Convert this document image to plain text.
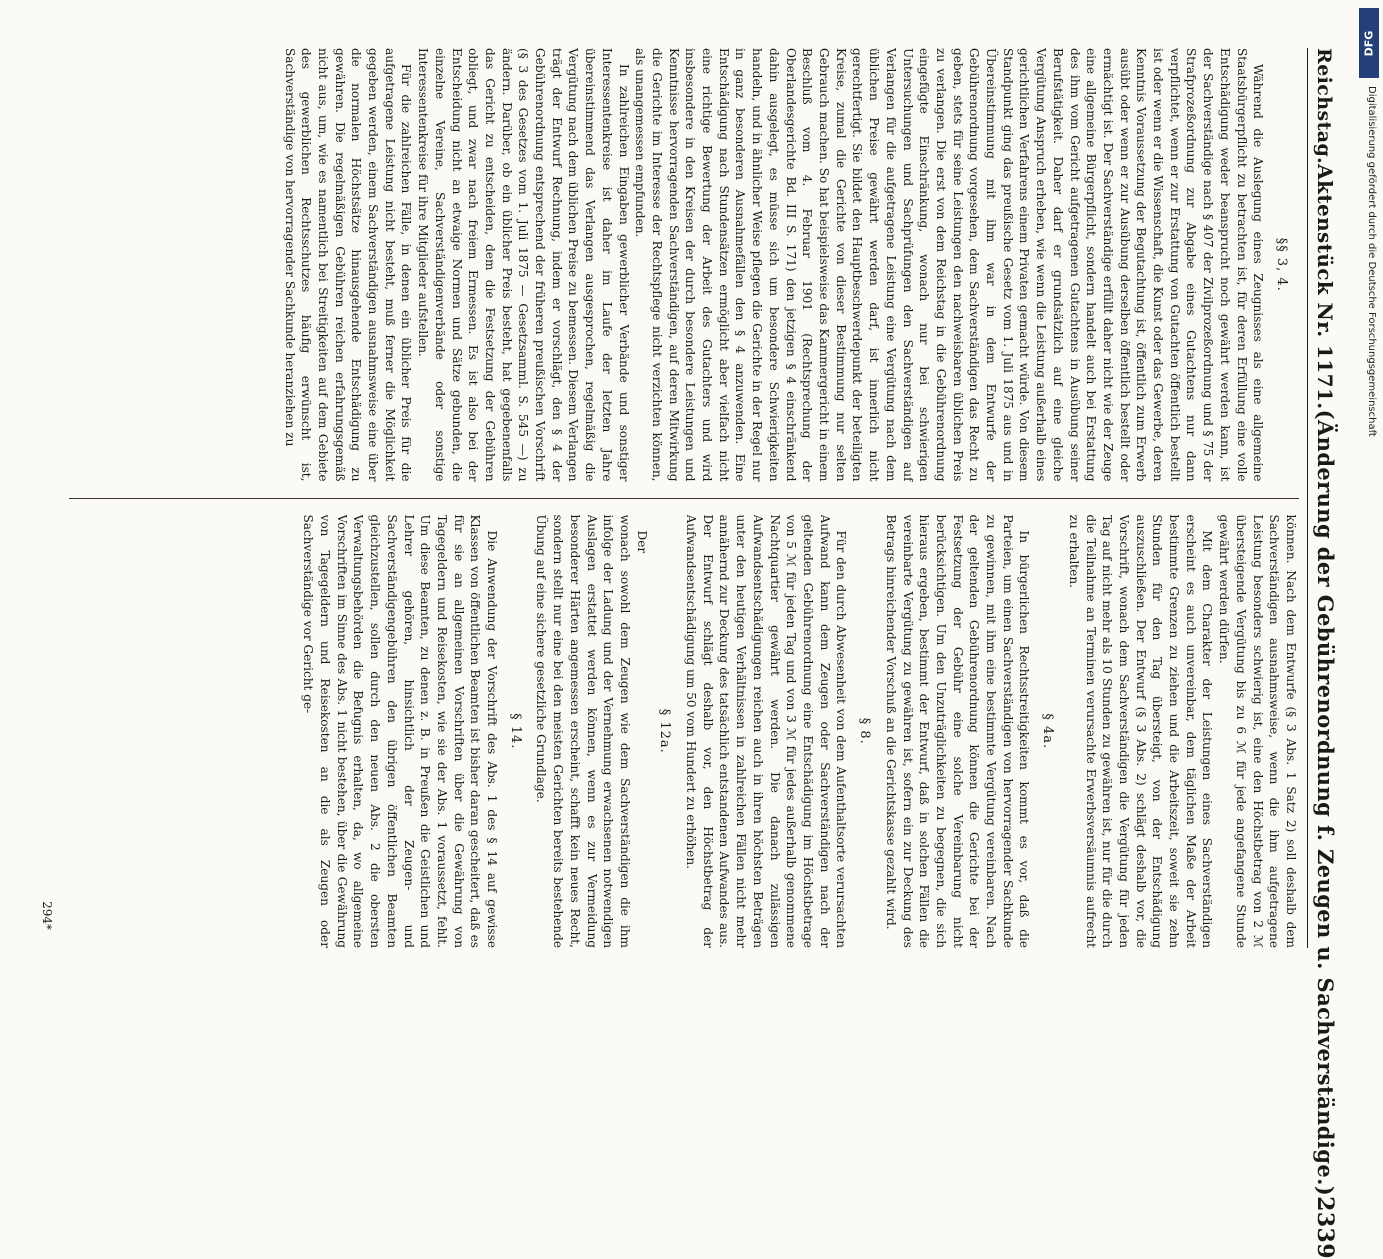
Reichstag.
Aktenstück Nr. 1171.
(Änderung der Gebührenordnung f. Zeugen u. Sachverständige.)
2339
§§ 3, 4.

Während die Auslegung eines Zeugnisses als eine allgemeine Staatsbürgerpflicht zu betrachten ist, für deren Erfüllung eine volle Entschädigung weder beansprucht noch gewährt werden kann, ist der Sachverständige nach § 407 der Zivilprozeßordnung und § 75 der Strafprozeßordnung zur Abgabe eines Gutachtens nur dann verpflichtet, wenn er zur Erstattung von Gutachten öffentlich bestellt ist oder wenn er die Wissenschaft, die Kunst oder das Gewerbe, deren Kenntnis Voraussetzung der Begutachtung ist, öffentlich zum Erwerb ausübt oder wenn er zur Ausübung derselben öffentlich bestellt oder ermächtigt ist. Der Sachverständige erfüllt daher nicht wie der Zeuge eine allgemeine Bürgerpflicht, sondern handelt auch bei Erstattung des ihm vom Gericht aufgetragenen Gutachtens in Ausübung seiner Berufstätigkeit. Daher darf er grundsätzlich auf eine gleiche Vergütung Anspruch erheben, wie wenn die Leistung außerhalb eines gerichtlichen Verfahrens einem Privaten gemacht würde. Von diesem Standpunkt ging das preußische Gesetz vom 1. Juli 1875 aus und in Übereinstimmung mit ihm war in dem Entwurfe der Gebührenordnung vorgesehen, dem Sachverständigen das Recht zu geben, stets für seine Leistungen den nachweisbaren üblichen Preis zu verlangen. Die erst von dem Reichstag in die Gebührenordnung eingefügte Einschränkung, wonach nur bei schwierigen Untersuchungen und Sachprüfungen den Sachverständigen auf Verlangen für die aufgetragene Leistung eine Vergütung nach dem üblichen Preise gewährt werden darf, ist innerlich nicht gerechtfertigt. Sie bildet den Hauptbeschwerdepunkt der beteiligten Kreise, zumal die Gerichte von dieser Bestimmung nur selten Gebrauch machen. So hat beispielsweise das Kammergericht in einem Beschluß vom 4. Februar 1901 (Rechtsprechung der Oberlandesgerichte Bd. III S. 171) den jetzigen § 4 einschränkend dahin ausgelegt, es müsse sich um besondere Schwierigkeiten handeln, und in ähnlicher Weise pflegen die Gerichte in der Regel nur in ganz besonderen Ausnahmefällen den § 4 anzuwenden. Eine Entschädigung nach Stundensätzen ermöglicht aber vielfach nicht eine richtige Bewertung der Arbeit des Gutachters und wird insbesondere in den Kreisen der durch besondere Leistungen und Kenntnisse hervorragenden Sachverständigen, auf deren Mitwirkung die Gerichte im Interesse der Rechtspflege nicht verzichten können, als unangemessen empfunden.

In zahlreichen Eingaben gewerblicher Verbände und sonstiger Interessentenkreise ist daher im Laufe der letzten Jahre übereinstimmend das Verlangen ausgesprochen, regelmäßig die Vergütung nach dem üblichen Preise zu bemessen. Diesem Verlangen trägt der Entwurf Rechnung, indem er vorschlägt, den § 4 der Gebührenordnung entsprechend der früheren preußischen Vorschrift (§ 3 des Gesetzes vom 1. Juli 1875 — Gesetzsamml. S. 545 —) zu ändern. Darüber, ob ein üblicher Preis besteht, hat gegebenenfalls das Gericht zu entscheiden, dem die Festsetzung der Gebühren obliegt, und zwar nach freiem Ermessen. Es ist also bei der Entscheidung nicht an etwaige Normen und Sätze gebunden, die einzelne Vereine, Sachverständigenverbände oder sonstige Interessentenkreise für ihre Mitglieder aufstellen.

Für die zahlreichen Fälle, in denen ein üblicher Preis für die aufgetragene Leistung nicht besteht, muß ferner die Möglichkeit gegeben werden, einem Sachverständigen ausnahmsweise eine über die normalen Höchstsätze hinausgehende Entschädigung zu gewähren. Die regelmäßigen Gebühren reichen erfahrungsgemäß nicht aus, um, wie es namentlich bei Streitigkeiten auf dem Gebiete des gewerblichen Rechtsschutzes häufig erwünscht ist, Sachverständige von hervorragender Sachkunde heranziehen zu

können. Nach dem Entwurfe (§ 3 Abs. 1 Satz 2) soll deshalb dem Sachverständigen ausnahmsweise, wenn die ihm aufgetragene Leistung besonders schwierig ist, eine den Höchstbetrag von 2 ℳ übersteigende Vergütung bis zu 6 ℳ für jede angefangene Stunde gewährt werden dürfen.

Mit dem Charakter der Leistungen eines Sachverständigen erscheint es auch unvereinbar, dem täglichen Maße der Arbeit bestimmte Grenzen zu ziehen und die Arbeitszeit, soweit sie zehn Stunden für den Tag übersteigt, von der Entschädigung auszuschließen. Der Entwurf (§ 3 Abs. 2) schlägt deshalb vor, die Vorschrift, wonach dem Sachverständigen die Vergütung für jeden Tag auf nicht mehr als 10 Stunden zu gewähren ist, nur für die durch die Teilnahme an Terminen verursachte Erwerbsversäumnis aufrecht zu erhalten.

§ 4a.

In bürgerlichen Rechtsstreitigkeiten kommt es vor, daß die Parteien, um einen Sachverständigen von hervorragender Sachkunde zu gewinnen, mit ihm eine bestimmte Vergütung vereinbaren. Nach der geltenden Gebührenordnung können die Gerichte bei der Festsetzung der Gebühr eine solche Vereinbarung nicht berücksichtigen. Um den Unzuträglichkeiten zu begegnen, die sich hieraus ergeben, bestimmt der Entwurf, daß in solchen Fällen die vereinbarte Vergütung zu gewähren ist, sofern ein zur Deckung des Betrags hinreichender Vorschuß an die Gerichtskasse gezahlt wird.

§ 8.

Für den durch Abwesenheit von dem Aufenthaltsorte verursachten Aufwand kann dem Zeugen oder Sachverständigen nach der geltenden Gebührenordnung eine Entschädigung im Höchstbetrage von 5 ℳ für jeden Tag und von 3 ℳ für jedes außerhalb genommene Nachtquartier gewährt werden. Die danach zulässigen Aufwandsentschädigungen reichen auch in ihren höchsten Beträgen unter den heutigen Verhältnissen in zahlreichen Fällen nicht mehr annähernd zur Deckung des tatsächlich entstandenen Aufwandes aus. Der Entwurf schlägt deshalb vor, den Höchstbetrag der Aufwandsentschädigung um 50 vom Hundert zu erhöhen.

§ 12a.

Der

wonach sowohl dem Zeugen wie dem Sachverständigen die ihm infolge der Ladung und der Vernehmung erwachsenen notwendigen Auslagen erstattet werden können, wenn es zur Vermeidung besonderer Härten angemessen erscheint, schafft kein neues Recht, sondern stellt nur eine bei den meisten Gerichten bereits bestehende Übung auf eine sichere gesetzliche Grundlage.

§ 14.

Die Anwendung der Vorschrift des Abs. 1 des § 14 auf gewisse Klassen von öffentlichen Beamten ist bisher daran gescheitert, daß es für sie an allgemeinen Vorschriften über die Gewährung von Tagegeldern und Reisekosten, wie sie der Abs. 1 voraussetzt, fehlt. Um diese Beamten, zu denen z. B. in Preußen die Geistlichen und Lehrer gehören, hinsichtlich der Zeugen- und Sachverständigengebühren den übrigen öffentlichen Beamten gleichzustellen, sollen durch den neuen Abs. 2 die obersten Verwaltungsbehörden die Befugnis erhalten, da, wo allgemeine Vorschriften im Sinne des Abs. 1 nicht bestehen, über die Gewährung von Tagegeldern und Reisekosten an die als Zeugen oder Sachverständige vor Gericht ge-

294*
DFG
Digitalisierung gefördert durch die Deutsche Forschungsgemeinschaft
